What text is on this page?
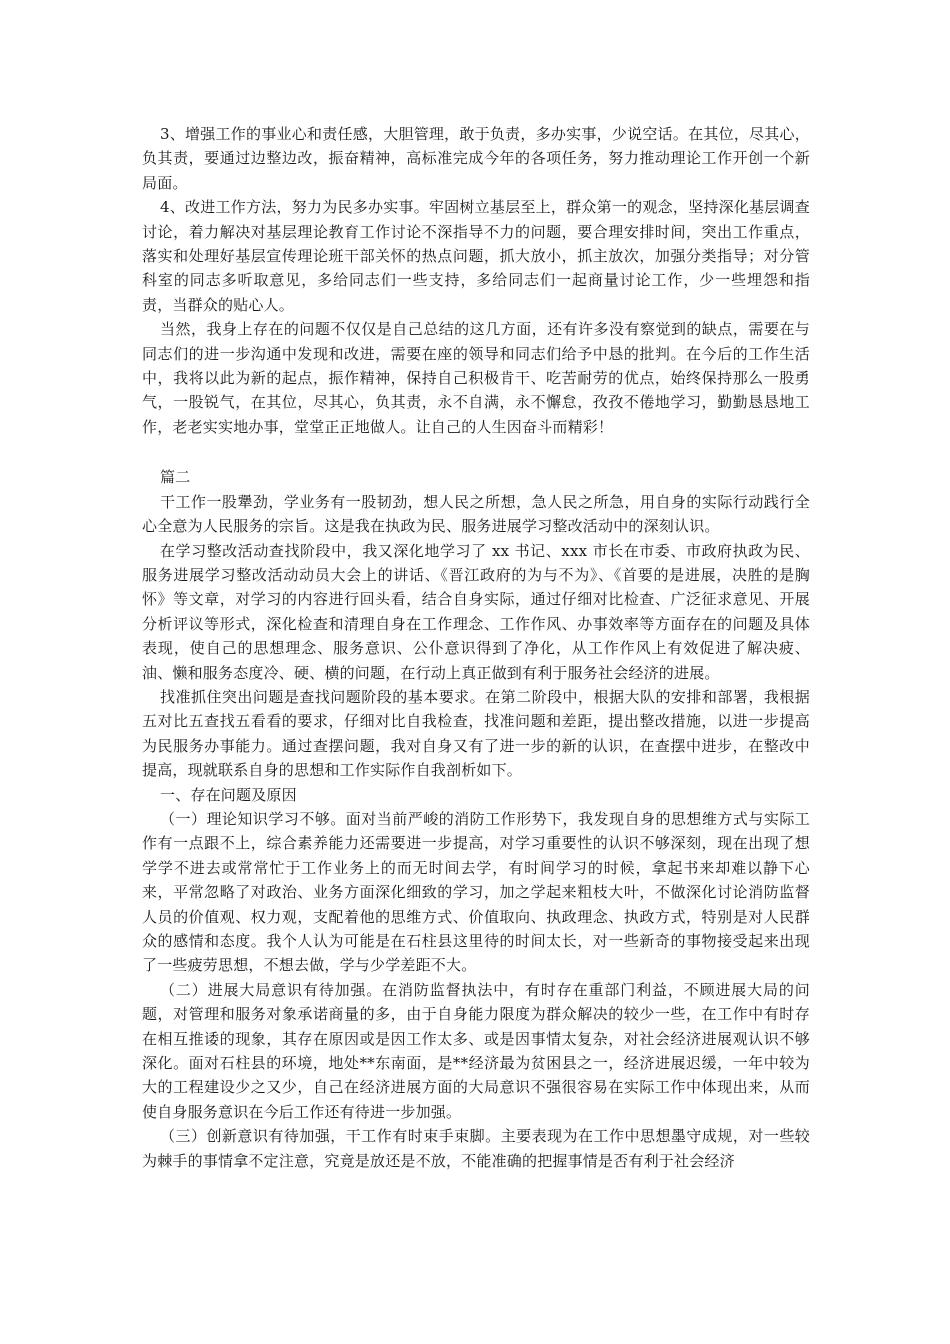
3、增强工作的事业心和责任感，大胆管理，敢于负责，多办实事，少说空话。在其位，尽其心，负其责，要通过边整边改，振奋精神，高标准完成今年的各项任务，努力推动理论工作开创一个新局面。

4、改进工作方法，努力为民多办实事。牢固树立基层至上，群众第一的观念，坚持深化基层调查讨论，着力解决对基层理论教育工作讨论不深指导不力的问题，要合理安排时间，突出工作重点，落实和处理好基层宣传理论班干部关怀的热点问题，抓大放小，抓主放次，加强分类指导；对分管科室的同志多听取意见，多给同志们一些支持，多给同志们一起商量讨论工作，少一些埋怨和指责，当群众的贴心人。

当然，我身上存在的问题不仅仅是自己总结的这几方面，还有许多没有察觉到的缺点，需要在与同志们的进一步沟通中发现和改进，需要在座的领导和同志们给予中恳的批判。在今后的工作生活中，我将以此为新的起点，振作精神，保持自己积极肯干、吃苦耐劳的优点，始终保持那么一股勇气，一股锐气，在其位，尽其心，负其责，永不自满，永不懈怠，孜孜不倦地学习，勤勤恳恳地工作，老老实实地办事，堂堂正正地做人。让自己的人生因奋斗而精彩！

篇二

干工作一股犟劲，学业务有一股韧劲，想人民之所想，急人民之所急，用自身的实际行动践行全心全意为人民服务的宗旨。这是我在执政为民、服务进展学习整改活动中的深刻认识。

在学习整改活动查找阶段中，我又深化地学习了 xx 书记、xxx 市长在市委、市政府执政为民、服务进展学习整改活动动员大会上的讲话、《晋江政府的为与不为》、《首要的是进展，决胜的是胸怀》等文章，对学习的内容进行回头看，结合自身实际，通过仔细对比检查、广泛征求意见、开展分析评议等形式，深化检查和清理自身在工作理念、工作作风、办事效率等方面存在的问题及具体表现，使自己的思想理念、服务意识、公仆意识得到了净化，从工作作风上有效促进了解决疲、油、懒和服务态度冷、硬、横的问题，在行动上真正做到有利于服务社会经济的进展。

找准抓住突出问题是查找问题阶段的基本要求。在第二阶段中，根据大队的安排和部署，我根据五对比五查找五看看的要求，仔细对比自我检查，找准问题和差距，提出整改措施，以进一步提高为民服务办事能力。通过查摆问题，我对自身又有了进一步的新的认识，在查摆中进步，在整改中提高，现就联系自身的思想和工作实际作自我剖析如下。

一、存在问题及原因

（一）理论知识学习不够。面对当前严峻的消防工作形势下，我发现自身的思想维方式与实际工作有一点跟不上，综合素养能力还需要进一步提高，对学习重要性的认识不够深刻，现在出现了想学学不进去或常常忙于工作业务上的而无时间去学，有时间学习的时候，拿起书来却难以静下心来，平常忽略了对政治、业务方面深化细致的学习，加之学起来粗枝大叶，不做深化讨论消防监督人员的价值观、权力观，支配着他的思维方式、价值取向、执政理念、执政方式，特别是对人民群众的感情和态度。我个人认为可能是在石柱县这里待的时间太长，对一些新奇的事物接受起来出现了一些疲劳思想，不想去做，学与少学差距不大。

（二）进展大局意识有待加强。在消防监督执法中，有时存在重部门利益，不顾进展大局的问题，对管理和服务对象承诺商量的多，由于自身能力限度为群众解决的较少一些，在工作中有时存在相互推诿的现象，其存在原因或是因工作太多、或是因事情太复杂，对社会经济进展观认识不够深化。面对石柱县的环境，地处**东南面，是**经济最为贫困县之一，经济进展迟缓，一年中较为大的工程建设少之又少，自己在经济进展方面的大局意识不强很容易在实际工作中体现出来，从而使自身服务意识在今后工作还有待进一步加强。

（三）创新意识有待加强，干工作有时束手束脚。主要表现为在工作中思想墨守成规，对一些较为棘手的事情拿不定注意，究竟是放还是不放，不能准确的把握事情是否有利于社会经济
